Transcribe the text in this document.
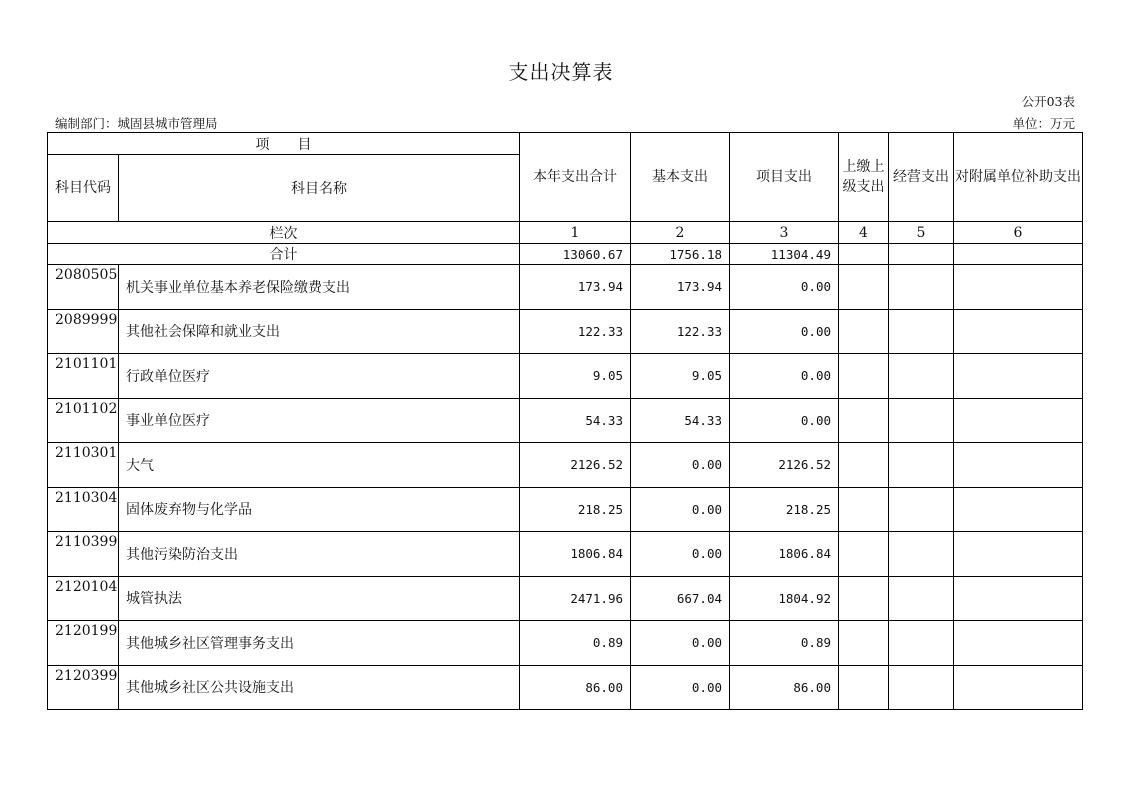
支出决算表
公开03表
编制部门：城固县城市管理局	单位：万元
项　　目		本年支出合计	基本支出	项目支出	上缴上级支出	经营支出	对附属单位补助支出
科目代码	科目名称						
栏次		1	2	3	4	5	6
合计		13060.67	1756.18	11304.49			
2080505	机关事业单位基本养老保险缴费支出	173.94	173.94	0.00			
2089999	其他社会保障和就业支出	122.33	122.33	0.00			
2101101	行政单位医疗	9.05	9.05	0.00			
2101102	事业单位医疗	54.33	54.33	0.00			
2110301	大气	2126.52	0.00	2126.52			
2110304	固体废弃物与化学品	218.25	0.00	218.25			
2110399	其他污染防治支出	1806.84	0.00	1806.84			
2120104	城管执法	2471.96	667.04	1804.92			
2120199	其他城乡社区管理事务支出	0.89	0.00	0.89			
2120399	其他城乡社区公共设施支出	86.00	0.00	86.00			
